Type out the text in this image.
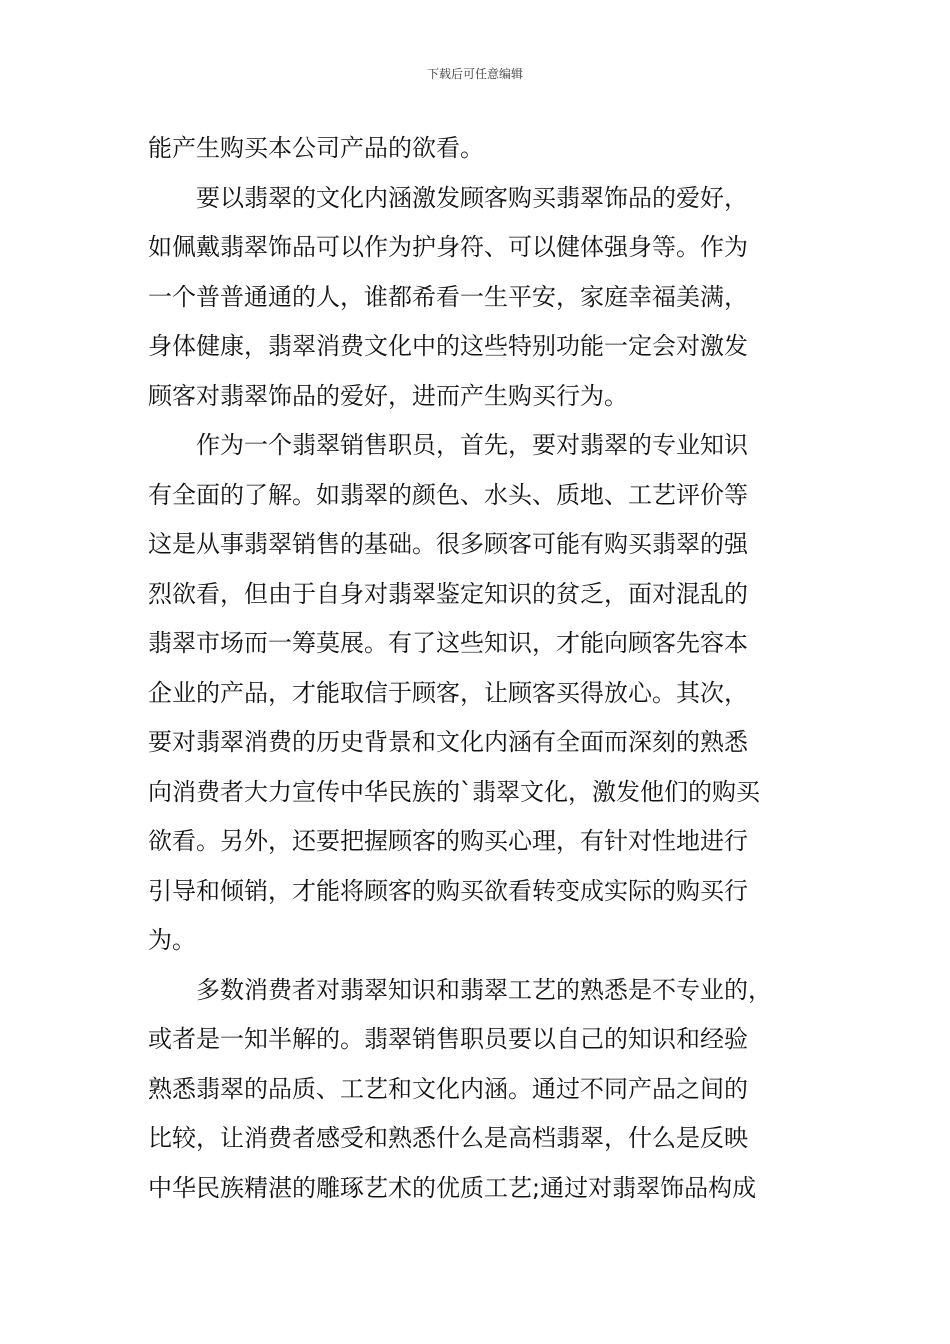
下载后可任意编辑
能产生购买本公司产品的欲看。
　　要以翡翠的文化内涵激发顾客购买翡翠饰品的爱好，
如佩戴翡翠饰品可以作为护身符、可以健体强身等。作为
一个普普通通的人，谁都希看一生平安，家庭幸福美满，
身体健康，翡翠消费文化中的这些特别功能一定会对激发
顾客对翡翠饰品的爱好，进而产生购买行为。
　　作为一个翡翠销售职员，首先，要对翡翠的专业知识
有全面的了解。如翡翠的颜色、水头、质地、工艺评价等
这是从事翡翠销售的基础。很多顾客可能有购买翡翠的强
烈欲看，但由于自身对翡翠鉴定知识的贫乏，面对混乱的
翡翠市场而一筹莫展。有了这些知识，才能向顾客先容本
企业的产品，才能取信于顾客，让顾客买得放心。其次，
要对翡翠消费的历史背景和文化内涵有全面而深刻的熟悉
向消费者大力宣传中华民族的`翡翠文化，激发他们的购买
欲看。另外，还要把握顾客的购买心理，有针对性地进行
引导和倾销，才能将顾客的购买欲看转变成实际的购买行
为。
　　多数消费者对翡翠知识和翡翠工艺的熟悉是不专业的，
或者是一知半解的。翡翠销售职员要以自己的知识和经验
熟悉翡翠的品质、工艺和文化内涵。通过不同产品之间的
比较，让消费者感受和熟悉什么是高档翡翠，什么是反映
中华民族精湛的雕琢艺术的优质工艺;通过对翡翠饰品构成
